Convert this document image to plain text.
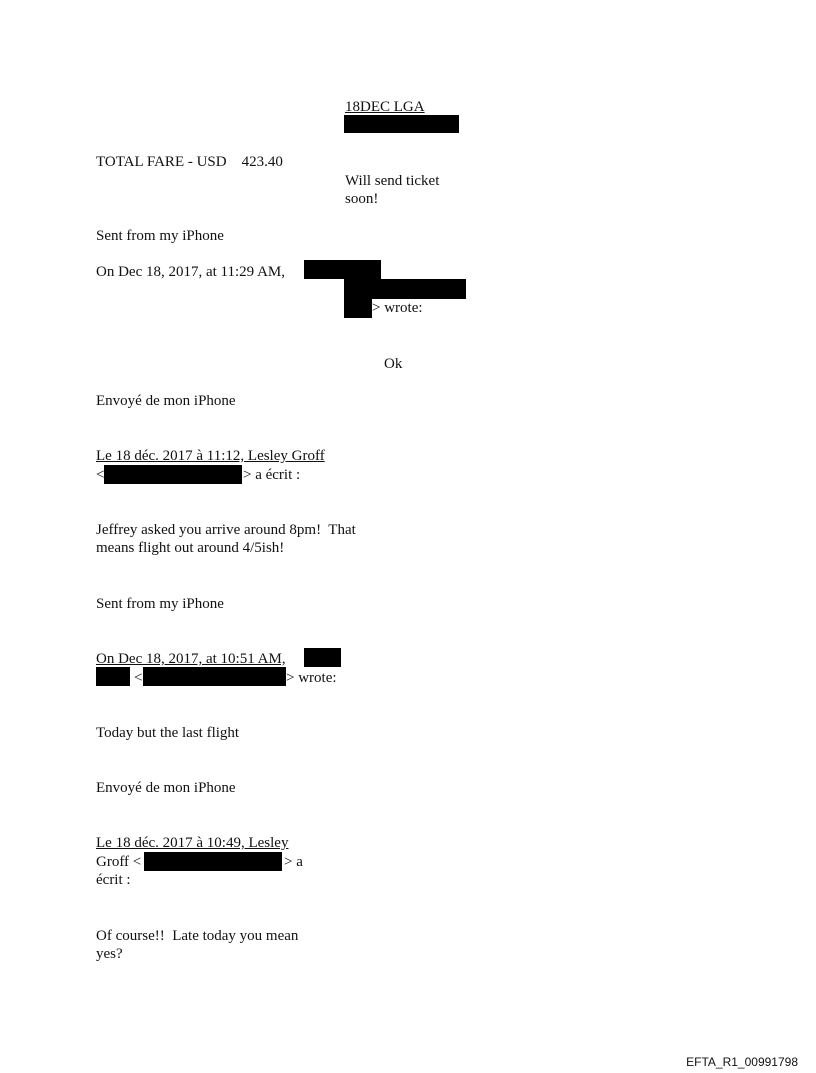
18DEC LGA
TOTAL FARE - USD    423.40
Will send ticket
soon!
Sent from my iPhone
On Dec 18, 2017, at 11:29 AM,
> wrote:
Ok
Envoyé de mon iPhone
Le 18 déc. 2017 à 11:12, Lesley Groff
<	> a écrit :
Jeffrey asked you arrive around 8pm!  That
means flight out around 4/5ish!
Sent from my iPhone
On Dec 18, 2017, at 10:51 AM,
<	> wrote:
Today but the last flight
Envoyé de mon iPhone
Le 18 déc. 2017 à 10:49, Lesley
Groff <	> a
écrit :
Of course!!  Late today you mean
yes?
EFTA_R1_00991798
